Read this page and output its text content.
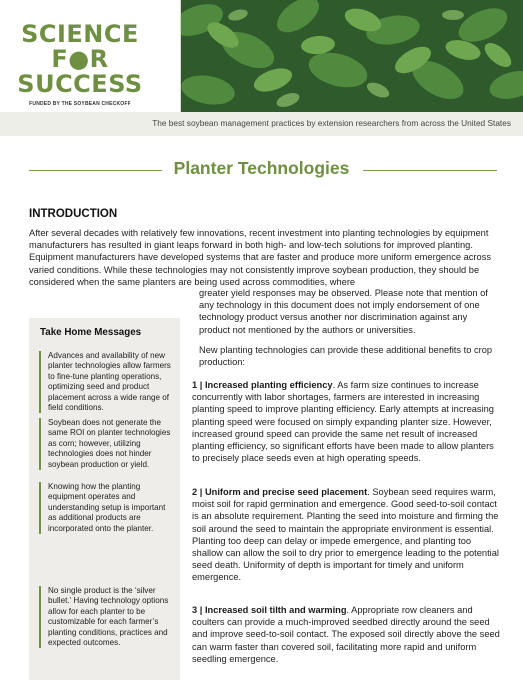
SCIENCE
F●R
SUCCESS
FUNDED BY THE SOYBEAN CHECKOFF
The best soybean management practices by extension researchers from across the United States
Planter Technologies
INTRODUCTION

After several decades with relatively few innovations, recent investment into planting technologies by equipment manufacturers has resulted in giant leaps forward in both high- and low-tech solutions for improved planting. Equipment manufacturers have developed systems that are faster and produce more uniform emergence across varied conditions. While these technologies may not consistently improve soybean production, they should be considered when the same planters are being used across commodities, where

greater yield responses may be observed. Please note that mention of any technology in this document does not imply endorsement of one technology product versus another nor discrimination against any product not mentioned by the authors or universities.

Take Home Messages
Advances and availability of new planter technologies allow farmers to fine-tune planting operations, optimizing seed and product placement across a wide range of field conditions.
Soybean does not generate the same ROI on planter technologies as corn; however, utilizing technologies does not hinder soybean production or yield.
Knowing how the planting equipment operates and understanding setup is important as additional products are incorporated onto the planter.
No single product is the ‘silver bullet.’ Having technology options allow for each planter to be customizable for each farmer’s planting conditions, practices and expected outcomes.

New planting technologies can provide these additional benefits to crop production:

1 | Increased planting efficiency. As farm size continues to increase concurrently with labor shortages, farmers are interested in increasing planting speed to improve planting efficiency. Early attempts at increasing planting speed were focused on simply expanding planter size. However, increased ground speed can provide the same net result of increased planting efficiency, so significant efforts have been made to allow planters to precisely place seeds even at high operating speeds.
2 | Uniform and precise seed placement. Soybean seed requires warm, moist soil for rapid germination and emergence. Good seed-to-soil contact is an absolute requirement. Planting the seed into moisture and firming the soil around the seed to maintain the appropriate environment is essential. Planting too deep can delay or impede emergence, and planting too shallow can allow the soil to dry prior to emergence leading to the potential seed death. Uniformity of depth is important for timely and uniform emergence.
3 | Increased soil tilth and warming. Appropriate row cleaners and coulters can provide a much-improved seedbed directly around the seed and improve seed-to-soil contact. The exposed soil directly above the seed can warm faster than covered soil, facilitating more rapid and uniform seedling emergence.
